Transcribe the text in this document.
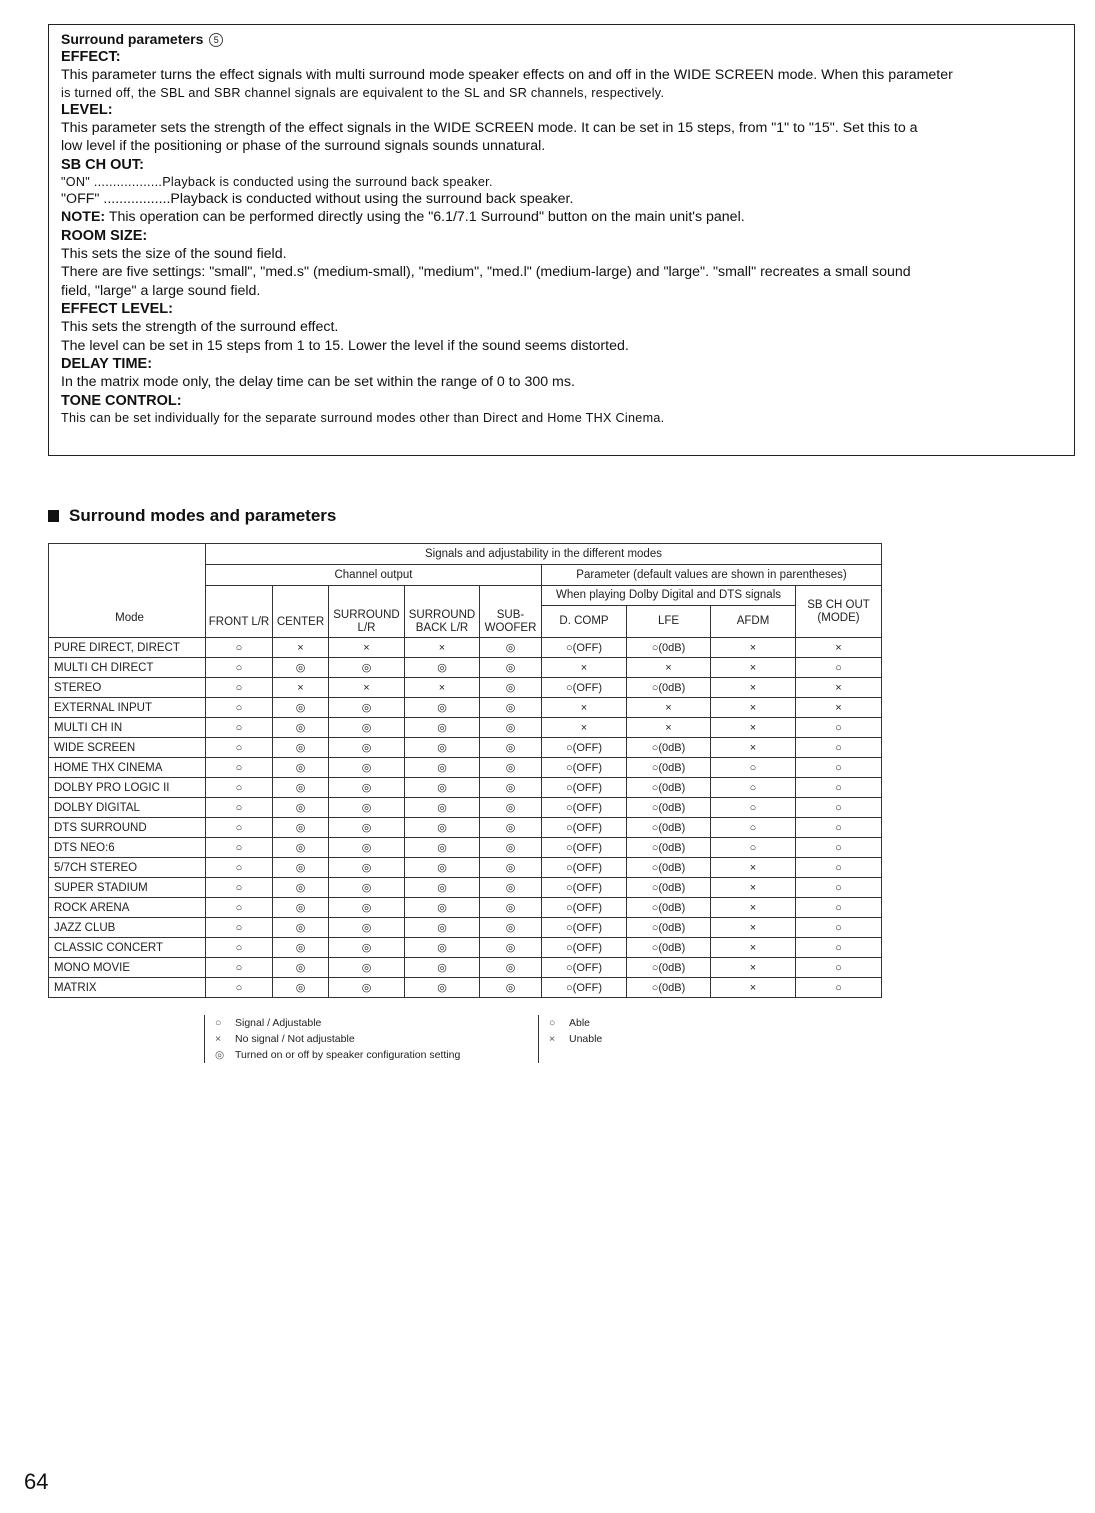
Surround parameters 5
EFFECT:
This parameter turns the effect signals with multi surround mode speaker effects on and off in the WIDE SCREEN mode. When this parameter
is turned off, the SBL and SBR channel signals are equivalent to the SL and SR channels, respectively.
LEVEL:
This parameter sets the strength of the effect signals in the WIDE SCREEN mode. It can be set in 15 steps, from "1" to "15". Set this to a
low level if the positioning or phase of the surround signals sounds unnatural.
SB CH OUT:
"ON" ..................Playback is conducted using the surround back speaker.
"OFF" .................Playback is conducted without using the surround back speaker.
NOTE: This operation can be performed directly using the "6.1/7.1 Surround" button on the main unit's panel.
ROOM SIZE:
This sets the size of the sound field.
There are five settings: "small", "med.s" (medium-small), "medium", "med.l" (medium-large) and "large". "small" recreates a small sound
field, "large" a large sound field.
EFFECT LEVEL:
This sets the strength of the surround effect.
The level can be set in 15 steps from 1 to 15. Lower the level if the sound seems distorted.
DELAY TIME:
In the matrix mode only, the delay time can be set within the range of 0 to 300 ms.
TONE CONTROL:
This can be set individually for the separate surround modes other than Direct and Home THX Cinema.
Surround modes and parameters
Mode	Signals and adjustability in the different modes								
	Channel output					Parameter (default values are shown in parentheses)			
	FRONT L/R	CENTER	SURROUND L/R	SURROUND BACK L/R	SUB-WOOFER	When playing Dolby Digital and DTS signals			SB CH OUT (MODE)
						D. COMP	LFE	AFDM	
PURE DIRECT, DIRECT	○	×	×	×	◎	○(OFF)	○(0dB)	×	×
MULTI CH DIRECT	○	◎	◎	◎	◎	×	×	×	○
STEREO	○	×	×	×	◎	○(OFF)	○(0dB)	×	×
EXTERNAL INPUT	○	◎	◎	◎	◎	×	×	×	×
MULTI CH IN	○	◎	◎	◎	◎	×	×	×	○
WIDE SCREEN	○	◎	◎	◎	◎	○(OFF)	○(0dB)	×	○
HOME THX CINEMA	○	◎	◎	◎	◎	○(OFF)	○(0dB)	○	○
DOLBY PRO LOGIC II	○	◎	◎	◎	◎	○(OFF)	○(0dB)	○	○
DOLBY DIGITAL	○	◎	◎	◎	◎	○(OFF)	○(0dB)	○	○
DTS SURROUND	○	◎	◎	◎	◎	○(OFF)	○(0dB)	○	○
DTS NEO:6	○	◎	◎	◎	◎	○(OFF)	○(0dB)	○	○
5/7CH STEREO	○	◎	◎	◎	◎	○(OFF)	○(0dB)	×	○
SUPER STADIUM	○	◎	◎	◎	◎	○(OFF)	○(0dB)	×	○
ROCK ARENA	○	◎	◎	◎	◎	○(OFF)	○(0dB)	×	○
JAZZ CLUB	○	◎	◎	◎	◎	○(OFF)	○(0dB)	×	○
CLASSIC CONCERT	○	◎	◎	◎	◎	○(OFF)	○(0dB)	×	○
MONO MOVIE	○	◎	◎	◎	◎	○(OFF)	○(0dB)	×	○
MATRIX	○	◎	◎	◎	◎	○(OFF)	○(0dB)	×	○
○ Signal / Adjustable
× No signal / Not adjustable
◎ Turned on or off by speaker configuration setting
○ Able
× Unable
64
